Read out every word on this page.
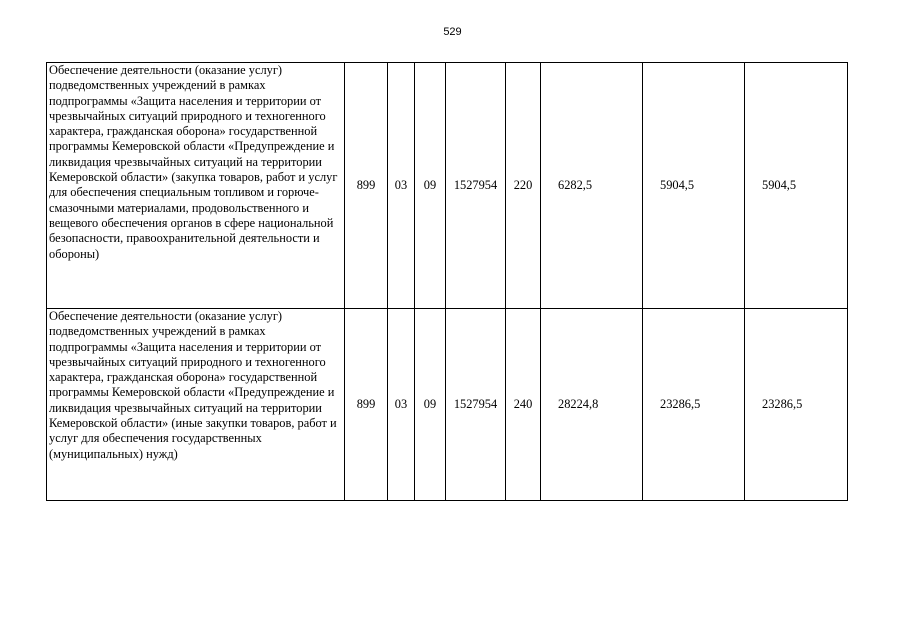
529
Обеспечение деятельности (оказание услуг) подведомственных учреждений в рамках подпрограммы «Защита населения и территории от чрезвычайных ситуаций природного и техногенного характера, гражданская оборона» государственной программы Кемеровской области «Предупреждение и ликвидация чрезвычайных ситуаций на территории Кемеровской области» (закупка товаров, работ и услуг для обеспечения специальным топливом и горюче-смазочными материалами, продовольственного и вещевого обеспечения органов в сфере национальной безопасности, правоохранительной деятельности и обороны)	899	03	09	1527954	220	6282,5	5904,5	5904,5
Обеспечение деятельности (оказание услуг) подведомственных учреждений в рамках подпрограммы «Защита населения и территории от чрезвычайных ситуаций природного и техногенного характера, гражданская оборона» государственной программы Кемеровской области «Предупреждение и ликвидация чрезвычайных ситуаций на территории Кемеровской области» (иные закупки товаров, работ и услуг для обеспечения государственных (муниципальных) нужд)	899	03	09	1527954	240	28224,8	23286,5	23286,5
